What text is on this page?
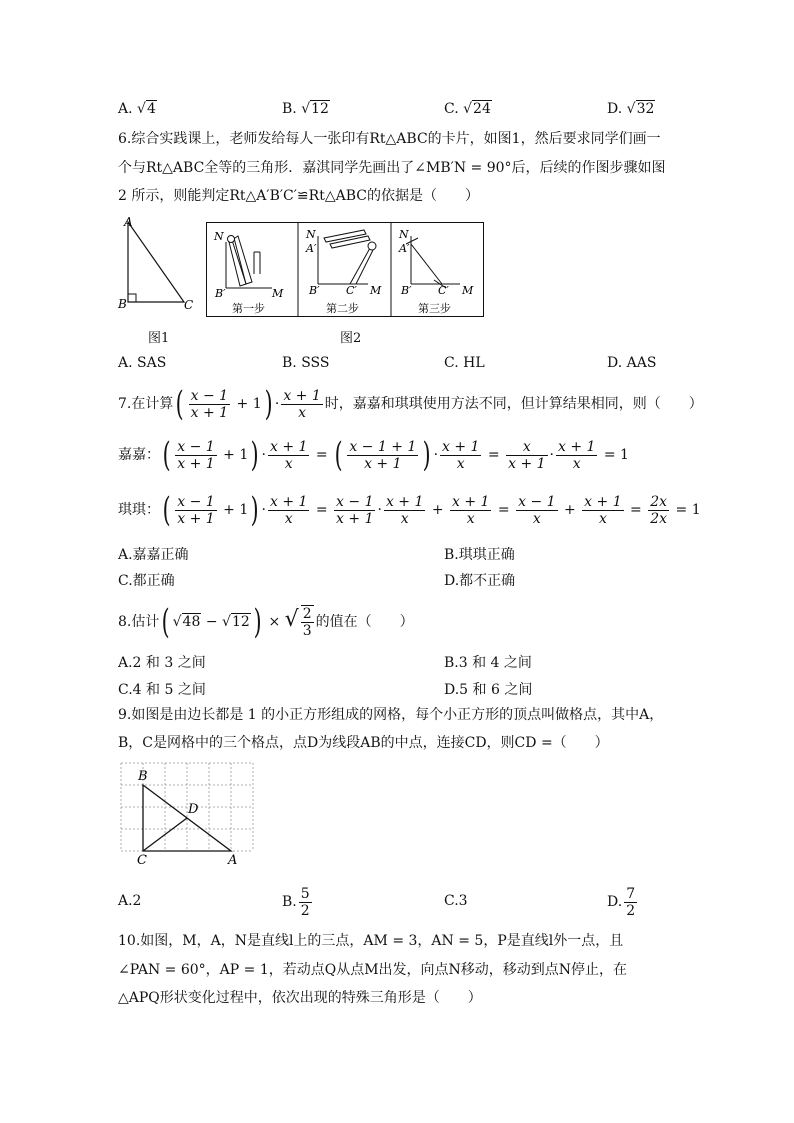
A. √4	B. √12	C. √24	D. √32
6.综合实践课上，老师发给每人一张印有Rt△ABC的卡片，如图1，然后要求同学们画一
个与Rt△ABC全等的三角形．嘉淇同学先画出了∠MB′N = 90°后，后续的作图步骤如图
2 所示，则能判定Rt△A′B′C′≌Rt△ABC的依据是（　　）
A
B	C
图1
N
B′	M
第一步
N
A′
B′ C′ M
第二步
N
A′
B′ C′ M
第三步
图2
A. SAS	B. SSS	C. HL	D. AAS
7.在计算( $\frac{x - 1}{x + 1} + 1) \cdot \frac{x + 1}{x}$ 时，嘉嘉和琪琪使用方法不同，但计算结果相同，则（　　）
嘉嘉：( $\frac{x - 1}{x + 1} + 1) \cdot \frac{x + 1}{x}$ = ( $\frac{x - 1 + 1}{x + 1}$ ) · $\frac{x + 1}{x} = \frac{x}{x + 1} \cdot \frac{x + 1}{x} = 1$
琪琪：( $\frac{x - 1}{x + 1} + 1) \cdot \frac{x + 1}{x} = \frac{x - 1}{x + 1} \cdot \frac{x + 1}{x} + \frac{x + 1}{x} = \frac{x - 1}{x} + \frac{x + 1}{x} = \frac{2x}{2x} = 1$
A.嘉嘉正确	B.琪琪正确
C.都正确	D.都不正确
8.估计( √48 − √12 ) × √ $\frac{2}{3}$ 的值在（　　）
A.2 和 3 之间	B.3 和 4 之间
C.4 和 5 之间	D.5 和 6 之间
9.如图是由边长都是 1 的小正方形组成的网格，每个小正方形的顶点叫做格点，其中A，
B，C是网格中的三个格点，点D为线段AB的中点，连接CD，则CD =（　　）
B
D
C	A
A.2	B. $\frac{5}{2}$	C.3	D. $\frac{7}{2}$
10.如图，M，A，N是直线l上的三点，AM = 3，AN = 5，P是直线l外一点，且
∠PAN = 60°，AP = 1，若动点Q从点M出发，向点N移动，移动到点N停止，在
△APQ形状变化过程中，依次出现的特殊三角形是（　　）
